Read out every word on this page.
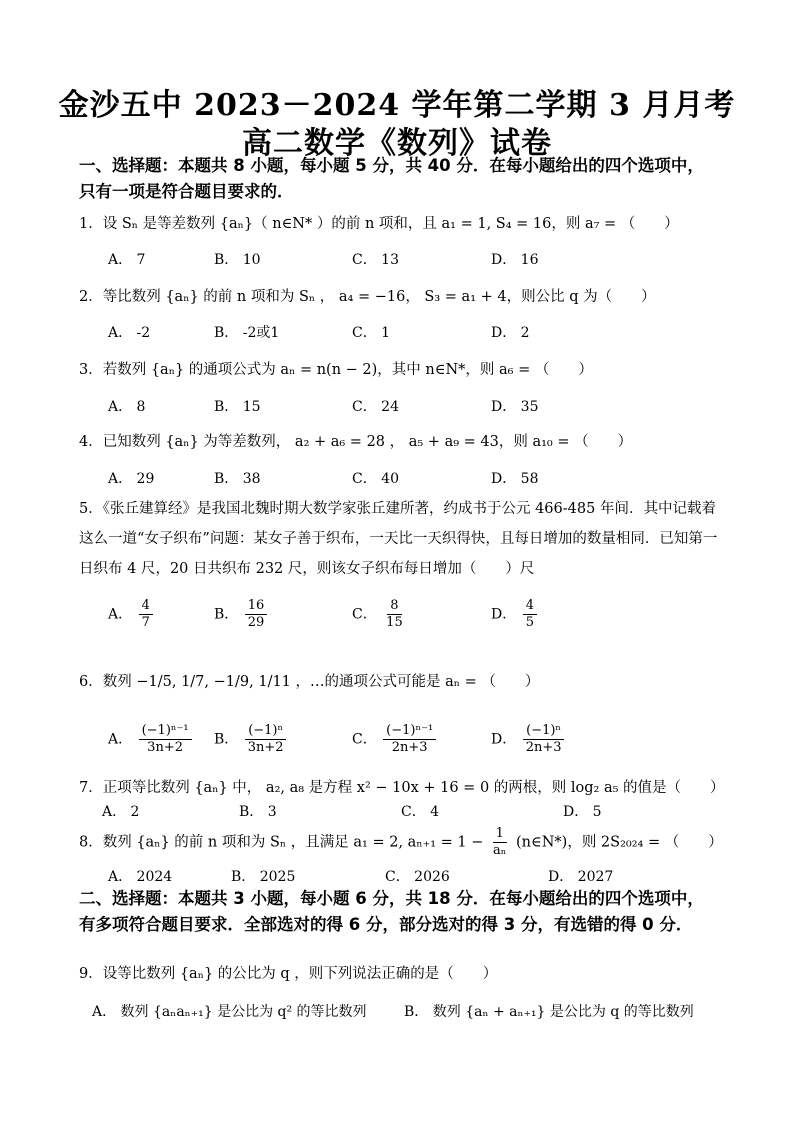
金沙五中 2023－2024 学年第二学期 3 月月考
高二数学《数列》试卷
一、选择题：本题共 8 小题，每小题 5 分，共 40 分．在每小题给出的四个选项中，只有一项是符合题目要求的．
1．设 Sₙ 是等差数列 {aₙ}（ n∈N* ）的前 n 项和，且 a₁ = 1, S₄ = 16，则 a₇ = （　　）
A． 7	B． 10	C． 13	D． 16
2．等比数列 {aₙ} 的前 n 项和为 Sₙ ， a₄ = −16， S₃ = a₁ + 4，则公比 q 为（　　）
A． -2	B． -2或1	C． 1	D． 2
3．若数列 {aₙ} 的通项公式为 aₙ = n(n − 2)，其中 n∈N*，则 a₆ = （　　）
A． 8	B． 15	C． 24	D． 35
4．已知数列 {aₙ} 为等差数列， a₂ + a₆ = 28 ， a₅ + a₉ = 43，则 a₁₀ = （　　）
A． 29	B． 38	C． 40	D． 58
5．《张丘建算经》是我国北魏时期大数学家张丘建所著，约成书于公元 466-485 年间．其中记载着这么一道“女子织布”问题：某女子善于织布，一天比一天织得快，且每日增加的数量相同．已知第一日织布 4 尺，20 日共织布 232 尺，则该女子织布每日增加（　　）尺
A． $\frac{4}{7}$	B． $\frac{16}{29}$	C． $\frac{8}{15}$	D． $\frac{4}{5}$
6．数列 −1/5, 1/7, −1/9, 1/11 ，…的通项公式可能是 aₙ = （　　）
A． $\frac{\text{(−1)ⁿ⁻¹}}{3n+2}$ B． $\frac{\text{(−1)ⁿ}}{3n+2}$	C． $\frac{\text{(−1)ⁿ⁻¹}}{2n+3}$	D． $\frac{\text{(−1)ⁿ}}{2n+3}$
7．正项等比数列 {aₙ} 中， a₂, a₈ 是方程 x² − 10x + 16 = 0 的两根，则 log₂ a₅ 的值是（　　）
A． 2	B． 3	C． 4	D． 5
8．数列 {aₙ} 的前 n 项和为 Sₙ ，且满足 a₁ = 2, $a_{n+1} = 1 - \frac{1}{\text{aₙ}}$ (n∈N*)，则 2S₂₀₂₄ = （　　）
A． 2024	B． 2025	C． 2026	D． 2027
二、选择题：本题共 3 小题，每小题 6 分，共 18 分．在每小题给出的四个选项中，有多项符合题目要求．全部选对的得 6 分，部分选对的得 3 分，有选错的得 0 分．
9．设等比数列 {aₙ} 的公比为 q ，则下列说法正确的是（　　）
A． 数列 {aₙaₙ₊₁} 是公比为 q² 的等比数列	B． 数列 {aₙ + aₙ₊₁} 是公比为 q 的等比数列
